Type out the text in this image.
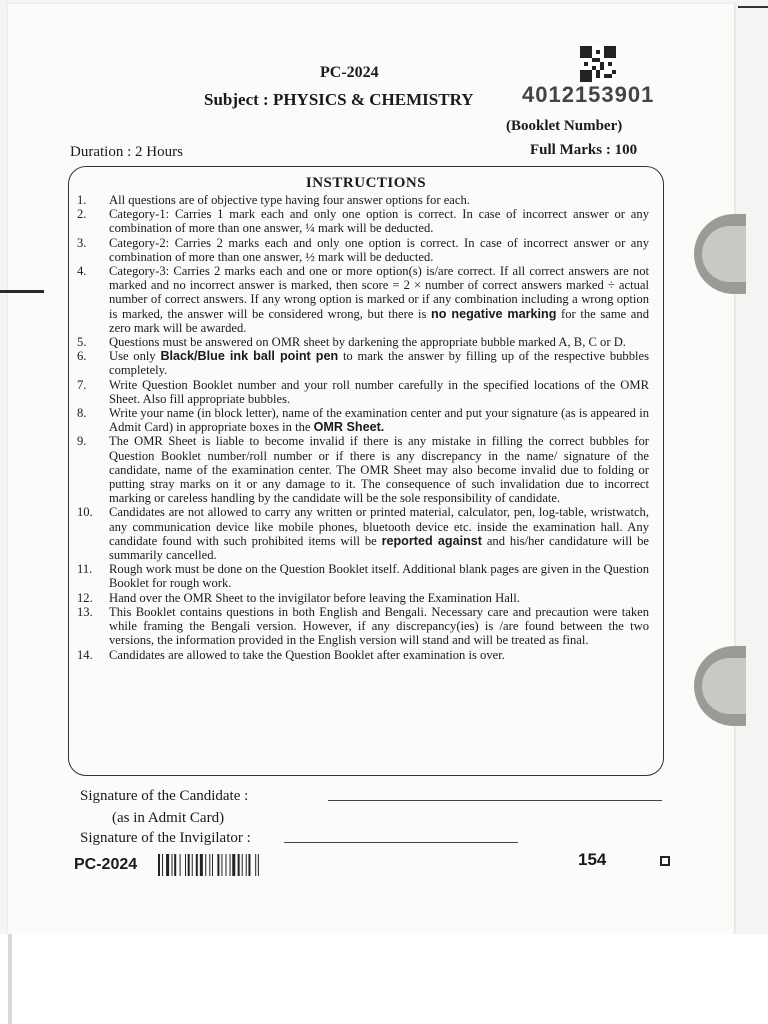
PC-2024
Subject : PHYSICS & CHEMISTRY 4012153901
(Booklet Number)
Duration : 2 Hours	Full Marks : 100
INSTRUCTIONS
1. All questions are of objective type having four answer options for each.
2. Category-1: Carries 1 mark each and only one option is correct. In case of incorrect answer or any combination of more than one answer, ¼ mark will be deducted.
3. Category-2: Carries 2 marks each and only one option is correct. In case of incorrect answer or any combination of more than one answer, ½ mark will be deducted.
4. Category-3: Carries 2 marks each and one or more option(s) is/are correct. If all correct answers are not marked and no incorrect answer is marked, then score = 2 × number of correct answers marked ÷ actual number of correct answers. If any wrong option is marked or if any combination including a wrong option is marked, the answer will be considered wrong, but there is no negative marking for the same and zero mark will be awarded.
5. Questions must be answered on OMR sheet by darkening the appropriate bubble marked A, B, C or D.
6. Use only Black/Blue ink ball point pen to mark the answer by filling up of the respective bubbles completely.
7. Write Question Booklet number and your roll number carefully in the specified locations of the OMR Sheet. Also fill appropriate bubbles.
8. Write your name (in block letter), name of the examination center and put your signature (as is appeared in Admit Card) in appropriate boxes in the OMR Sheet.
9. The OMR Sheet is liable to become invalid if there is any mistake in filling the correct bubbles for Question Booklet number/roll number or if there is any discrepancy in the name/ signature of the candidate, name of the examination center. The OMR Sheet may also become invalid due to folding or putting stray marks on it or any damage to it. The consequence of such invalidation due to incorrect marking or careless handling by the candidate will be the sole responsibility of candidate.
10. Candidates are not allowed to carry any written or printed material, calculator, pen, log-table, wristwatch, any communication device like mobile phones, bluetooth device etc. inside the examination hall. Any candidate found with such prohibited items will be reported against and his/her candidature will be summarily cancelled.
11. Rough work must be done on the Question Booklet itself. Additional blank pages are given in the Question Booklet for rough work.
12. Hand over the OMR Sheet to the invigilator before leaving the Examination Hall.
13. This Booklet contains questions in both English and Bengali. Necessary care and precaution were taken while framing the Bengali version. However, if any discrepancy(ies) is /are found between the two versions, the information provided in the English version will stand and will be treated as final.
14. Candidates are allowed to take the Question Booklet after examination is over.
Signature of the Candidate :
(as in Admit Card)
Signature of the Invigilator :
PC-2024	154
